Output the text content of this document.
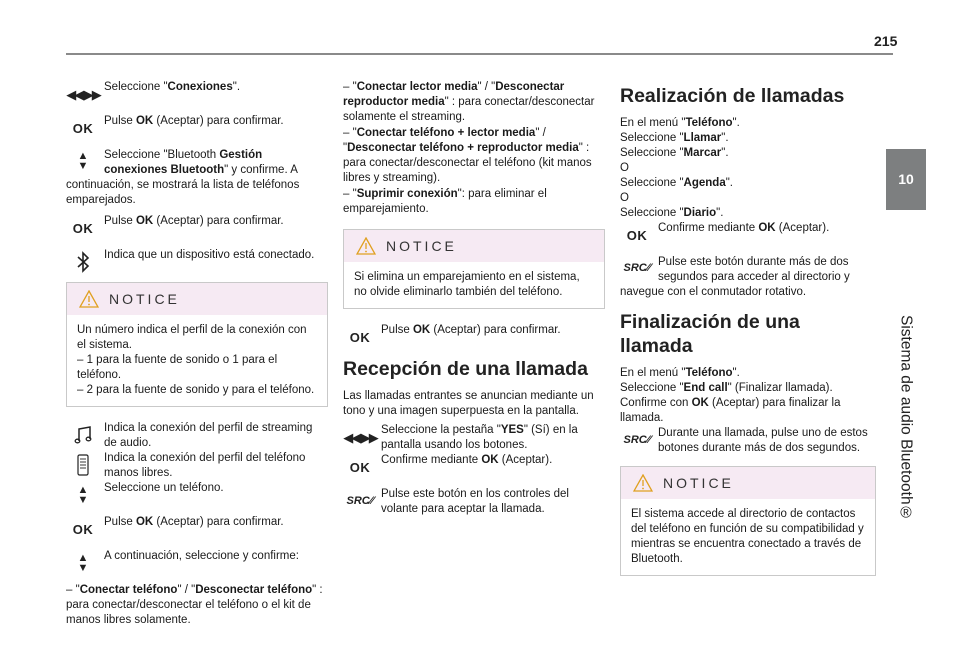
215
10
Sistema de audio Bluetooth®
◀◀ ▶▶ Seleccione "Conexiones".

OK Pulse OK (Aceptar) para confirmar.

▲
▼

Seleccione "Bluetooth Gestión conexiones Bluetooth" y confirme. A continuación, se mostrará la lista de teléfonos emparejados.

OK Pulse OK (Aceptar) para confirmar.

Indica que un dispositivo está conectado.

NOTICE

Un número indica el perfil de la conexión con el sistema.

– 1 para la fuente de sonido o 1 para el teléfono.

– 2 para la fuente de sonido y para el teléfono.

Indica la conexión del perfil de streaming de audio.

Indica la conexión del perfil del teléfono manos libres.

▲
▼

Seleccione un teléfono.

OK Pulse OK (Aceptar) para confirmar.

▲
▼

A continuación, seleccione y confirme:

– "Conectar teléfono" / "Desconectar teléfono" : para conectar/desconectar el teléfono o el kit de manos libres solamente.

– "Conectar lector media" / "Desconectar reproductor media" : para conectar/desconectar solamente el streaming.

– "Conectar teléfono + lector media" / "Desconectar teléfono + reproductor media" : para conectar/desconectar el teléfono (kit manos libres y streaming).

– "Suprimir conexión": para eliminar el emparejamiento.

NOTICE

Si elimina un emparejamiento en el sistema, no olvide eliminarlo también del teléfono.

OK Pulse OK (Aceptar) para confirmar.

Recepción de una llamada

Las llamadas entrantes se anuncian mediante un tono y una imagen superpuesta en la pantalla.

◀◀ ▶▶ Seleccione la pestaña "YES" (Sí) en la pantalla usando los botones.

OK Confirme mediante OK (Aceptar).

SRC ⁄⁄

Pulse este botón en los controles del volante para aceptar la llamada.

Realización de llamadas

En el menú "Teléfono".

Seleccione "Llamar".

Seleccione "Marcar".

O

Seleccione "Agenda".

O

Seleccione "Diario".

OK Confirme mediante OK (Aceptar).

SRC ⁄⁄ Pulse este botón durante más de dos segundos para acceder al directorio y navegue con el conmutador rotativo.

Finalización de una llamada

En el menú "Teléfono".

Seleccione "End call" (Finalizar llamada).

Confirme con OK (Aceptar) para finalizar la llamada.

SRC ⁄⁄

Durante una llamada, pulse uno de estos botones durante más de dos segundos.

NOTICE

El sistema accede al directorio de contactos del teléfono en función de su compatibilidad y mientras se encuentra conectado a través de Bluetooth.
